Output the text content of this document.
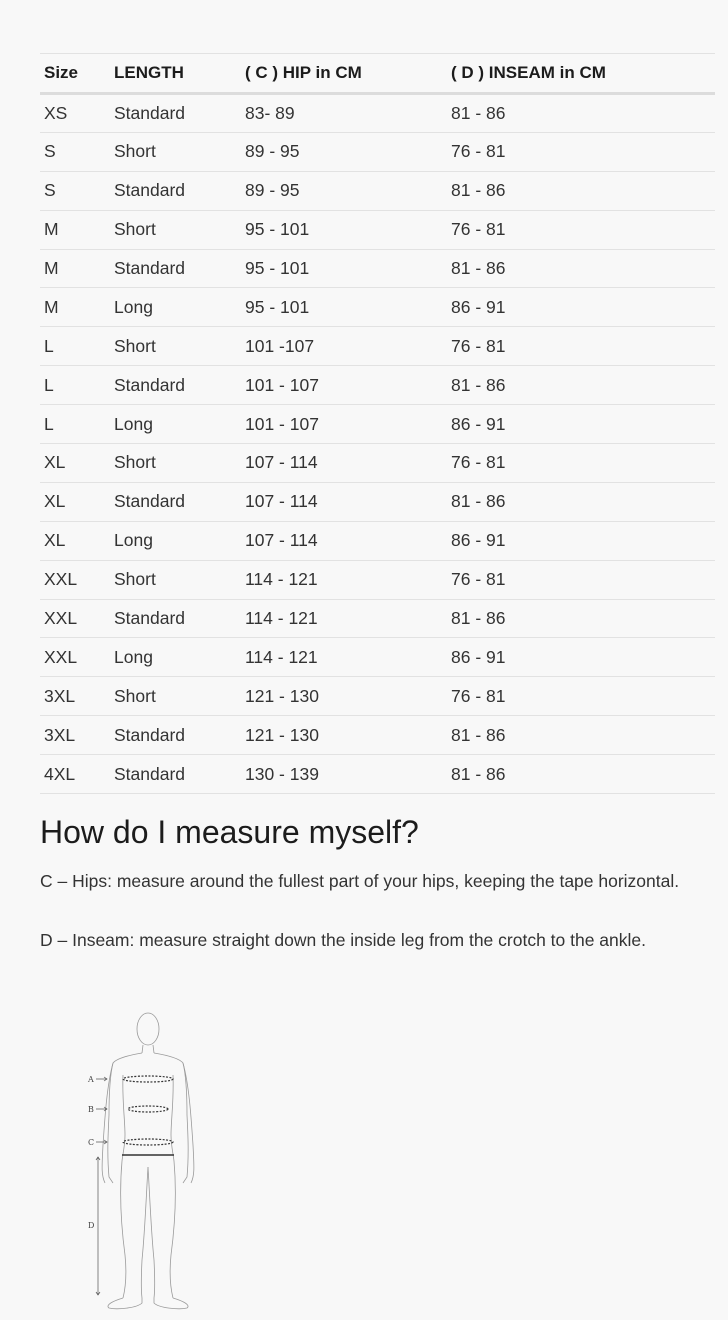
Size	LENGTH	( C ) HIP in CM	( D ) INSEAM in CM
XS	Standard	83- 89	81 - 86
S	Short	89 - 95	76 - 81
S	Standard	89 - 95	81 - 86
M	Short	95 - 101	76 - 81
M	Standard	95 - 101	81 - 86
M	Long	95 - 101	86 - 91
L	Short	101 -107	76 - 81
L	Standard	101 - 107	81 - 86
L	Long	101 - 107	86 - 91
XL	Short	107 - 114	76 - 81
XL	Standard	107 - 114	81 - 86
XL	Long	107 - 114	86 - 91
XXL	Short	114 - 121	76 - 81
XXL	Standard	114 - 121	81 - 86
XXL	Long	114 - 121	86 - 91
3XL	Short	121 - 130	76 - 81
3XL	Standard	121 - 130	81 - 86
4XL	Standard	130 - 139	81 - 86
How do I measure myself?

C – Hips: measure around the fullest part of your hips, keeping the tape horizontal.

D – Inseam: measure straight down the inside leg from the crotch to the ankle.

A
B
C
D
